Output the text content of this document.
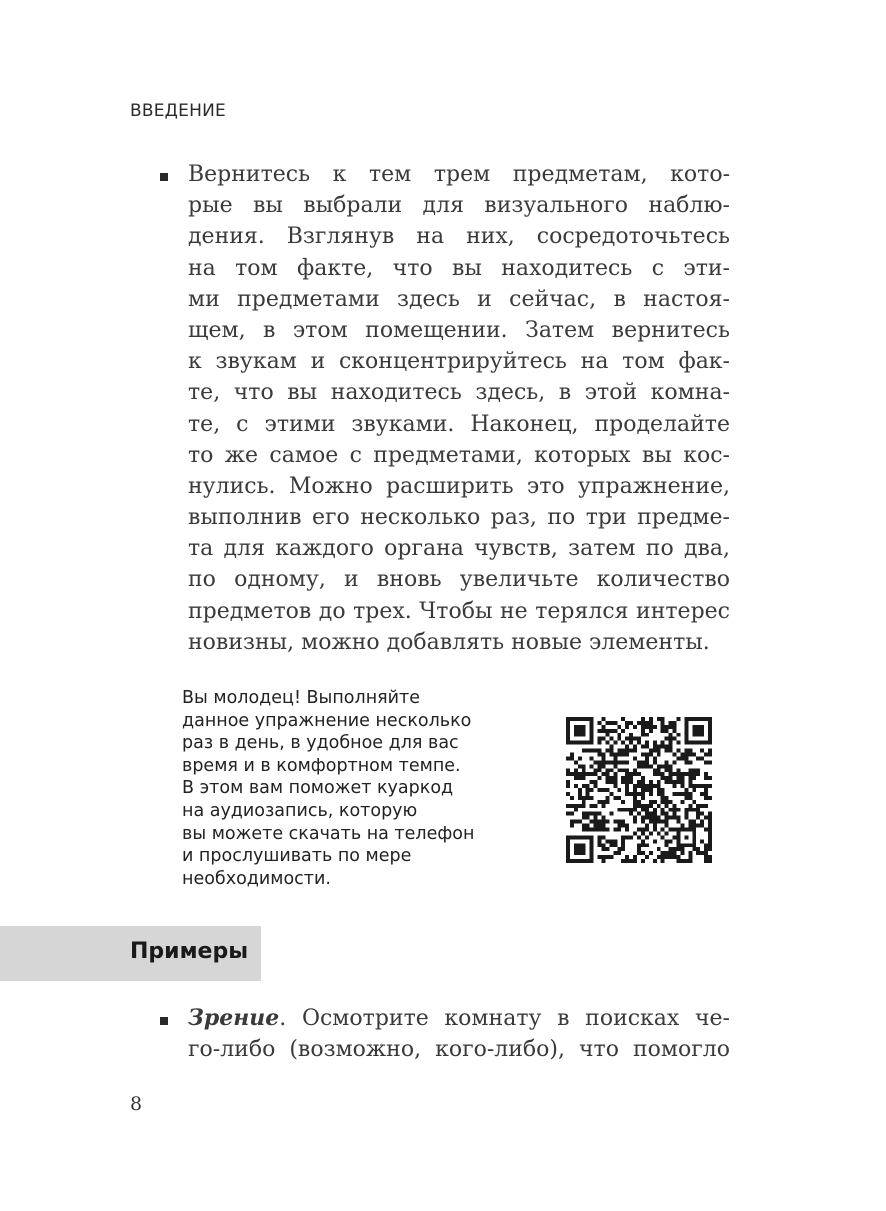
ВВЕДЕНИЕ
Вернитесь к тем трем предметам, кото-
рые вы выбрали для визуального наблю-
дения. Взглянув на них, сосредоточьтесь
на том факте, что вы находитесь с эти-
ми предметами здесь и сейчас, в настоя-
щем, в этом помещении. Затем вернитесь
к звукам и сконцентрируйтесь на том фак-
те, что вы находитесь здесь, в этой комна-
те, с этими звуками. Наконец, проделайте
то же самое с предметами, которых вы кос-
нулись. Можно расширить это упражнение,
выполнив его несколько раз, по три предме-
та для каждого органа чувств, затем по два,
по одному, и вновь увеличьте количество
предметов до трех. Чтобы не терялся интерес
новизны, можно добавлять новые элементы.
Вы молодец! Выполняйте
данное упражнение несколько
раз в день, в удобное для вас
время и в комфортном темпе.
В этом вам поможет куаркод
на аудиозапись, которую
вы можете скачать на телефон
и прослушивать по мере
необходимости.
Примеры
Зрение. Осмотрите комнату в поисках че-
го-либо (возможно, кого-либо), что помогло
8
